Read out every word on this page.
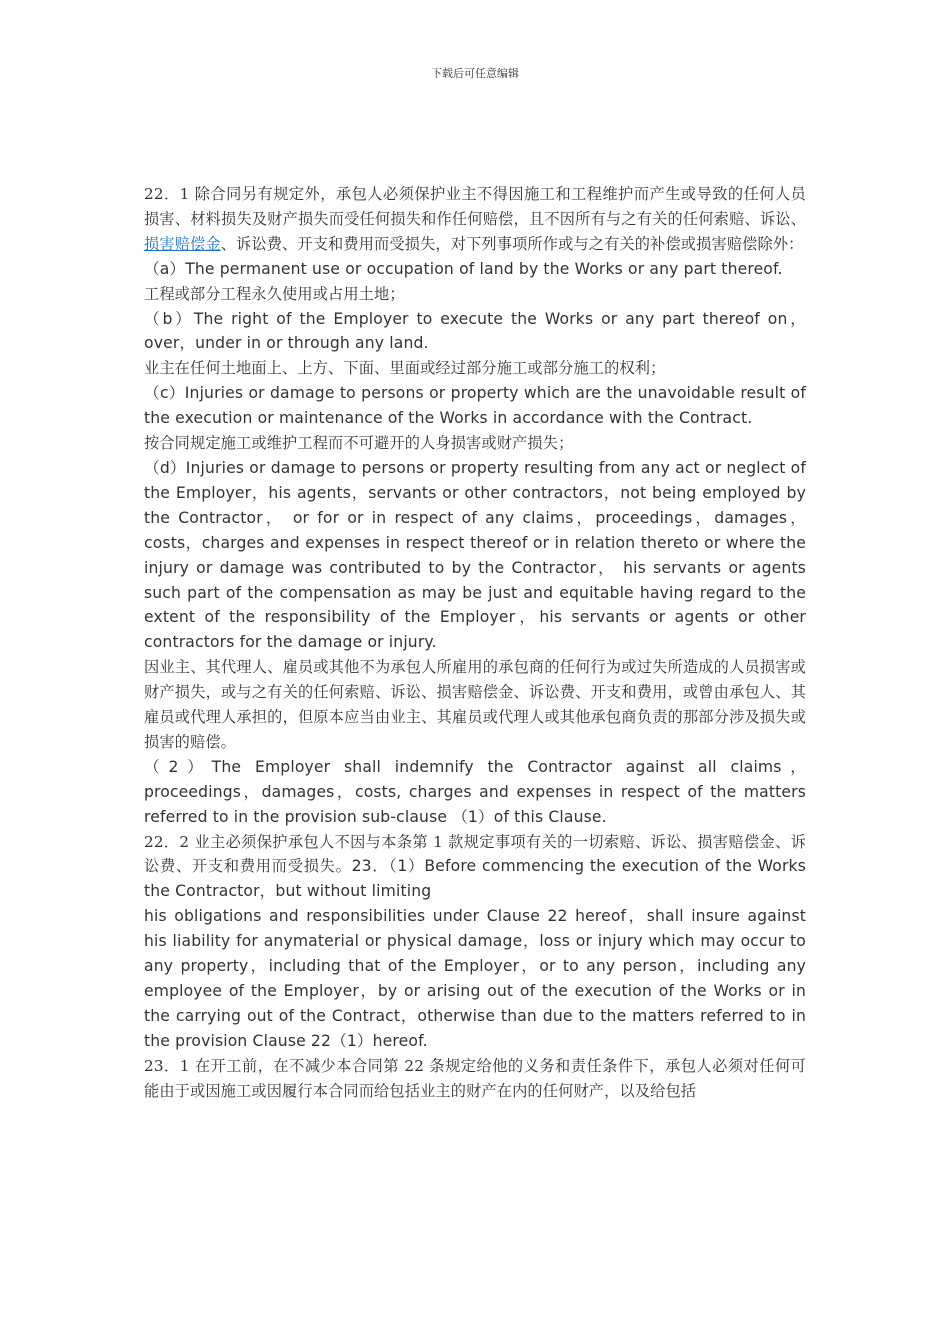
下载后可任意编辑

22．1 除合同另有规定外，承包人必须保护业主不得因施工和工程维护而产生或导致的任何人员损害、材料损失及财产损失而受任何损失和作任何赔偿，且不因所有与之有关的任何索赔、诉讼、损害赔偿金、诉讼费、开支和费用而受损失，对下列事项所作或与之有关的补偿或损害赔偿除外：

（a）The permanent use or occupation of land by the Works or any part thereof.

工程或部分工程永久使用或占用土地；

（b）The right of the Employer to execute the Works or any part thereof on，over，under in or through any land.

业主在任何土地面上、上方、下面、里面或经过部分施工或部分施工的权利；

（c）Injuries or damage to persons or property which are the unavoidable result of the execution or maintenance of the Works in accordance with the Contract.

按合同规定施工或维护工程而不可避开的人身损害或财产损失；

（d）Injuries or damage to persons or property resulting from any act or neglect of the Employer，his agents，servants or other contractors，not being employed by the Contractor， or for or in respect of any claims，proceedings，damages，costs，charges and expenses in respect thereof or in relation thereto or where the injury or damage was contributed to by the Contractor， his servants or agents such part of the compensation as may be just and equitable having regard to the extent of the responsibility of the Employer，his servants or agents or other contractors for the damage or injury.

因业主、其代理人、雇员或其他不为承包人所雇用的承包商的任何行为或过失所造成的人员损害或财产损失，或与之有关的任何索赔、诉讼、损害赔偿金、诉讼费、开支和费用，或曾由承包人、其雇员或代理人承担的，但原本应当由业主、其雇员或代理人或其他承包商负责的那部分涉及损失或损害的赔偿。

（2）The Employer shall indemnify the Contractor against all claims，proceedings，damages，costs, charges and expenses in respect of the matters referred to in the provision sub-clause （1）of this Clause.

22．2 业主必须保护承包人不因与本条第 1 款规定事项有关的一切索赔、诉讼、损害赔偿金、诉讼费、开支和费用而受损失。23．（1）Before commencing the execution of the Works the Contractor，but without limiting

his obligations and responsibilities under Clause 22 hereof，shall insure against his liability for anymaterial or physical damage，loss or injury which may occur to any property，including that of the Employer，or to any person，including any employee of the Employer，by or arising out of the execution of the Works or in the carrying out of the Contract，otherwise than due to the matters referred to in the provision Clause 22（1）hereof.

23．1 在开工前，在不减少本合同第 22 条规定给他的义务和责任条件下，承包人必须对任何可能由于或因施工或因履行本合同而给包括业主的财产在内的任何财产，以及给包括
